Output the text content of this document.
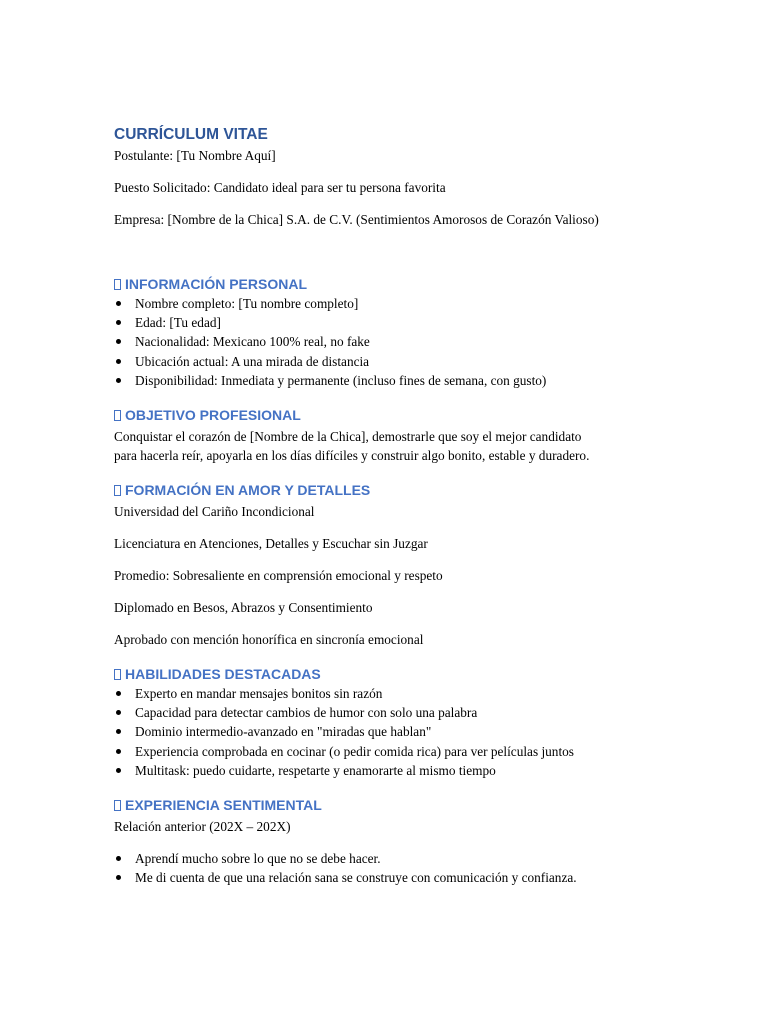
CURRÍCULUM VITAE

Postulante: [Tu Nombre Aquí]

Puesto Solicitado: Candidato ideal para ser tu persona favorita

Empresa: [Nombre de la Chica] S.A. de C.V. (Sentimientos Amorosos de Corazón Valioso)

INFORMACIÓN PERSONAL
Nombre completo: [Tu nombre completo]
Edad: [Tu edad]
Nacionalidad: Mexicano 100% real, no fake
Ubicación actual: A una mirada de distancia
Disponibilidad: Inmediata y permanente (incluso fines de semana, con gusto)
OBJETIVO PROFESIONAL

Conquistar el corazón de [Nombre de la Chica], demostrarle que soy el mejor candidato

para hacerla reír, apoyarla en los días difíciles y construir algo bonito, estable y duradero.

FORMACIÓN EN AMOR Y DETALLES

Universidad del Cariño Incondicional

Licenciatura en Atenciones, Detalles y Escuchar sin Juzgar

Promedio: Sobresaliente en comprensión emocional y respeto

Diplomado en Besos, Abrazos y Consentimiento

Aprobado con mención honorífica en sincronía emocional

HABILIDADES DESTACADAS
Experto en mandar mensajes bonitos sin razón
Capacidad para detectar cambios de humor con solo una palabra
Dominio intermedio-avanzado en "miradas que hablan"
Experiencia comprobada en cocinar (o pedir comida rica) para ver películas juntos
Multitask: puedo cuidarte, respetarte y enamorarte al mismo tiempo
EXPERIENCIA SENTIMENTAL

Relación anterior (202X – 202X)

Aprendí mucho sobre lo que no se debe hacer.
Me di cuenta de que una relación sana se construye con comunicación y confianza.
